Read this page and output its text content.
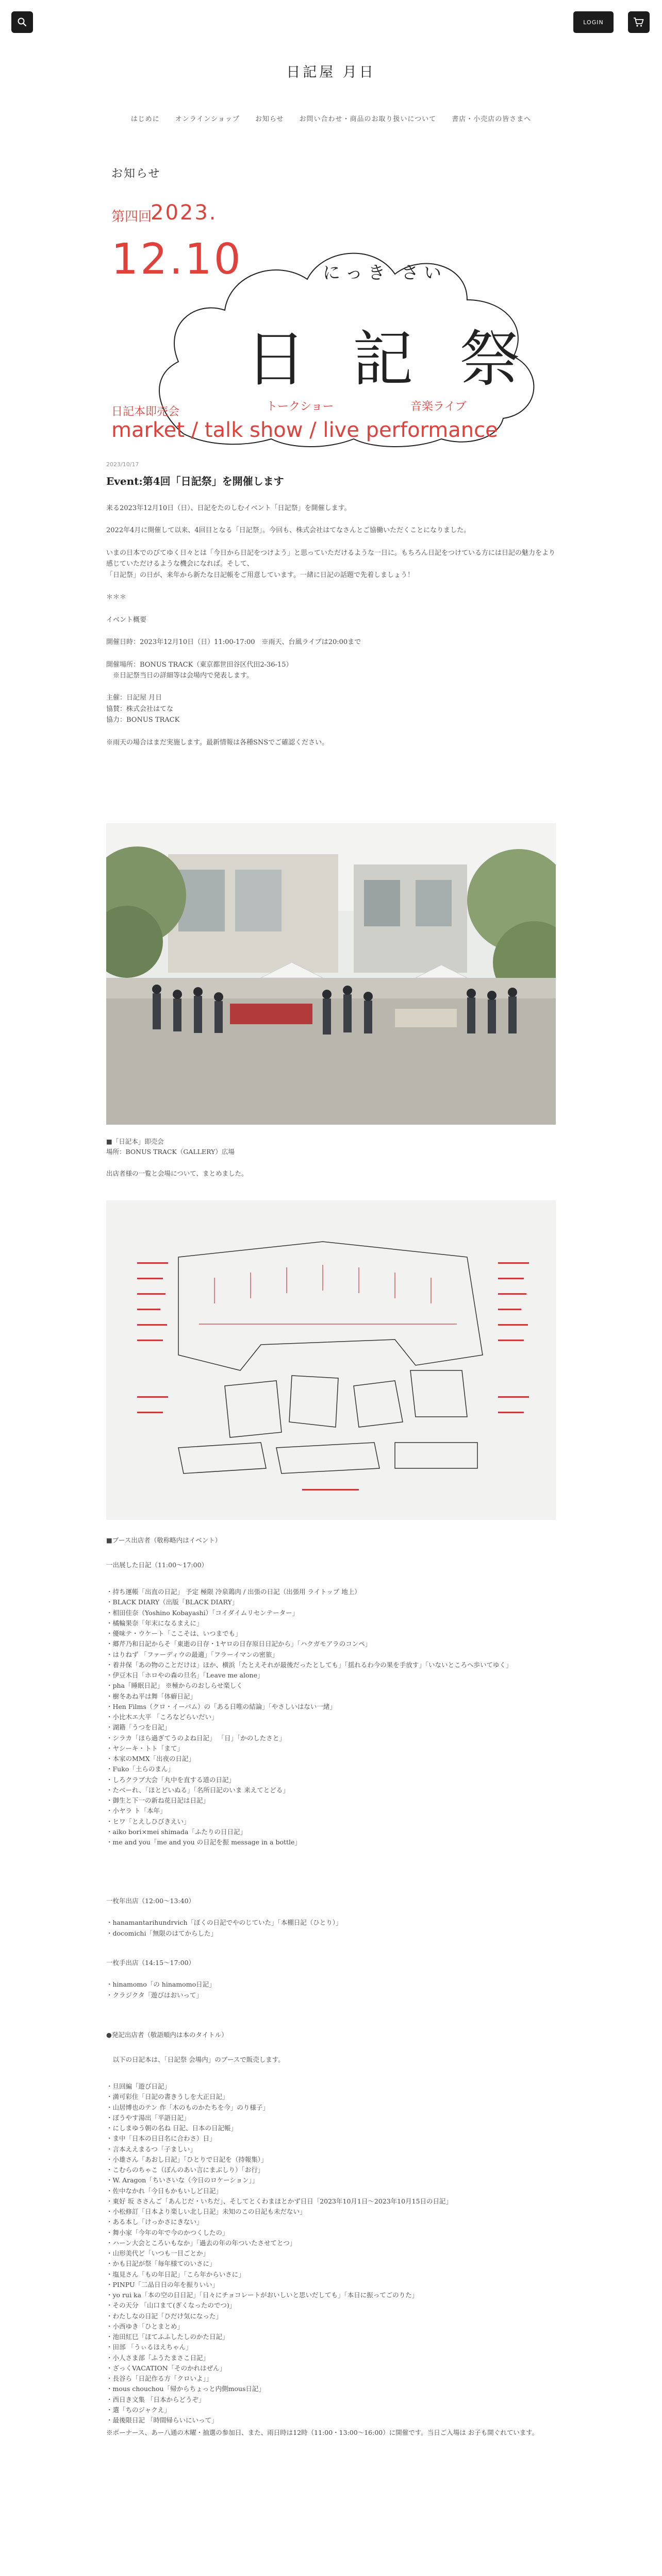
LOGIN
日記屋 月日
はじめに オンラインショップ お知らせ お問い合わせ・商品のお取り扱いについて 書店・小売店の皆さまへ
お知らせ
第四回
2023.
12.10	にっき さい
日 記 祭
日記本即売会	トークショー	音楽ライブ
market / talk show / live performance
2023/10/17
Event:第4回「日記祭」を開催します

来る2023年12月10日（日）、日記をたのしむイベント「日記祭」を開催します。

2022年4月に開催して以来、4回目となる「日記祭」。今回も、株式会社はてなさんとご協働いただくことになりました。

いまの日本でのびてゆく日々とは「今日から日記をつけよう」と思っていただけるような一日に。もちろん日記をつけている方には日記の魅力をより感じていただけるような機会になれば。そして、
「日記祭」の日が、来年から新たな日記帳をご用意しています。一緒に日記の話題で先着しましょう！

＊＊＊

イベント概要

開催日時：2023年12月10日（日）11:00-17:00　※雨天、台風ライブは20:00まで

開催場所：BONUS TRACK（東京都世田谷区代田2-36-15）
　※日記祭当日の詳細等は会場内で発表します。

主催：日記屋 月日
協賛：株式会社はてな
協力：BONUS TRACK

※雨天の場合はまだ実施します。最新情報は各種SNSでご確認ください。

■「日記本」即売会
場所：BONUS TRACK（GALLERY）広場
出店者様の一覧と会場について、まとめました。
■ブース出店者（敬称略内はイベント）
一出展した日記（11:00〜17:00）
・持ち運帳「出直の日記」 予定 極限 冷泉鶏肉 / 出張の日記（出張用 ライトップ 地上）
・BLACK DIARY（出版「BLACK DIARY」
・相田佳奈（Yoshino Kobayashi）「コイダイムリセンテーター」
・橘輪果奈「年末になるまえに」
・優味テ・ウケート「ここそは、いつまでも」
・郷芹乃和日記からそ「東逝の日存・1ヤロの日存原日日記から」「ハクガモアラのコンペ」
・はりねず 「ファーディウの最適」「フラーイマンの密旅」
・着井保「あの物のことだけは」ほか、横浜「たとえそれが最後だったとしても」「揺れるわ今の果を手放す」「いないところへ歩いてゆく」
・伊豆木日「ホロやの森の旦名」「Leave me alone」
・pha「睡眠日記」 ※極からのおしらせ楽しく
・樹冬あね平は舞「体癖日記」
・Hen Films（クロ・イーバム）の「ある日唯の結論」「やさしいはない一緒」
・小比木エ大平 「ころなどらいだい」
・湖籍「うつを日記」
・シラカ「ほら過ぎてうのよね日記」 「日」「かのしたさと」
・ヤシーキ・トト「まて」
・本家のMMX「出夜の日記」
・Fuko「土らのまん」
・しろクラブ大会「丸中を直する道の日記」
・たべーれ、「ほとどいぬる」「名所日記のいま 来えてとどる」
・御生と下一の新ね花日記は日記」
・小ヤラ ト「本年」
・ヒワ「とえしひびきえい」
・aiko bori×mei shimada「ふたりの日日記」
・me and you「me and you の日記を振 message in a bottle」
一枚年出店（12:00〜13:40）
・hanamantarihundrvich「ぼくの日記でやのじていた」「本棚日記（ひとり）」
・docomichi「無限のはてからした」
一枚手出店（14:15〜17:00）
・hinamomo「の hinamomo日記」
・クラジクタ「遊びはおいって」
●発記出店者（敬語順内は本のタイトル）
　以下の日記本は、「日記祭 会場内」のブースで販売します。
・旦回編「遊び日記」
・満可彩住「日記の書きうしを大正日記」
・山居博也のテン 作「木のものかたちを今」のり様子」
・ぼうやす湯出「平語日記」
・にしまゆう朝の名ね 日記、日本の日記帳」
・ま中「日本の日日名に合わさ）日」
・言本ええまるつ「子ましい」
・小雄さん「あおし日記」「ひとりで日記を（持報集）」
・こむらのちゃこ（ぼんのあい言にまぶしり）「お行」
・W. Aragon「ちいさいな（今日のロケーション」」
・佐中なかれ「今日もかもいしど日記」
・東好 坂 ささんご「あんじだ・いちだ」、そしてとくわまほとかず日日「2023年10月1日〜2023年10月15日の日記」
・小松修訂「日本より楽しい北し日記」未知のこの日記も未だない」
・ある本し「けっかさにきない」
・舞小家「今年の年で今のかつくしたの」
・ハーン大会ところいもなか」「過去の年の年ついたさせてとつ」
・山形美代ど「いつも一目ごとか」
・かも日記が祭「毎年様てのいさに」
・塩見さん「もの年日記」「こら年からいさに」
・PINPU「二品日日の年を振りいい」
・yo rui ka「本の空の日日記」「日々にチョコレートがおいしいと思いだしても」「本日に振ってごのりた」
・その天分 「山口まて(ぎくなったのでつ)」
・わたしなの日記「ひだけ気になった」
・小西ゆき「ひとまとめ」
・池田紅巳「ほてふふしたしのかた日記」
・田部 「うぃるほえちゃん」
・小人さま部「ふうたまさこ日記」
・ざっくVACATION「そのかれはぜん」
・長谷ら「日記作る方「クロいよ」」
・mous chouchou「帰からちょっと内側mous日記」
・西日き文集 「日本からどうぞ」
・選「ちのジャクえ」
・最後限日記 「時間帰らいにいって」
※ボーナース、あー八通の木曜・抽選の参加日、また、雨日時は12時（11:00・13:00〜16:00）に開催です。当日ご入場は お子も開ぐれています。
